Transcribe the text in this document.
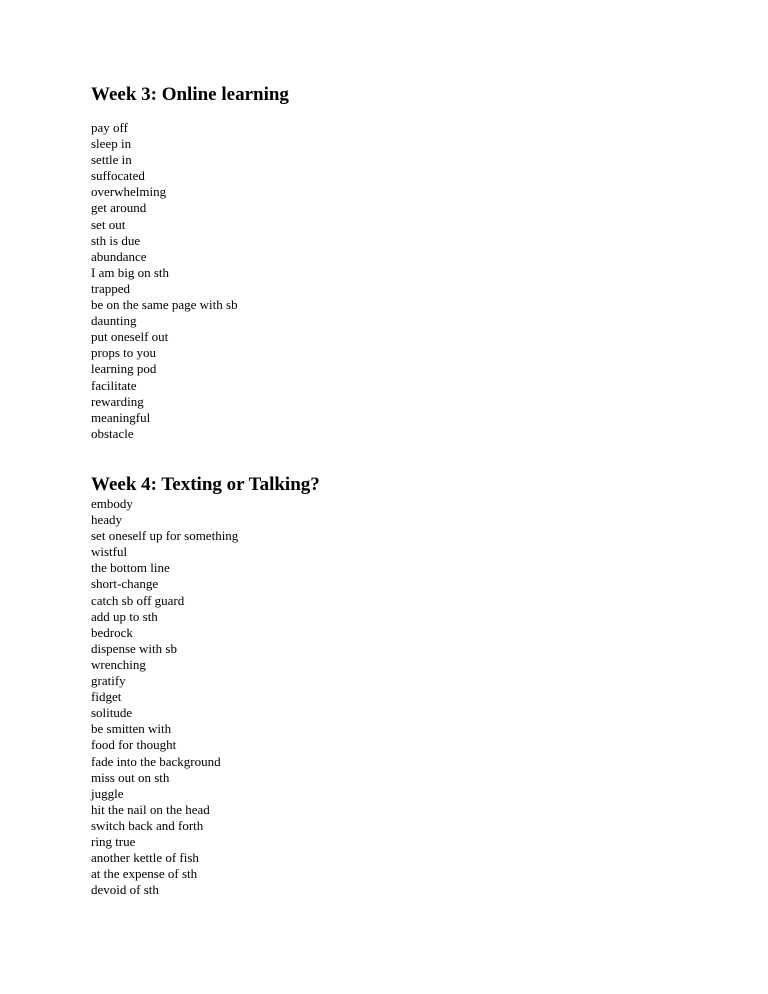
Week 3: Online learning
pay off
sleep in
settle in
suffocated
overwhelming
get around
set out
sth is due
abundance
I am big on sth
trapped
be on the same page with sb
daunting
put oneself out
props to you
learning pod
facilitate
rewarding
meaningful
obstacle
Week 4: Texting or Talking?
embody
heady
set oneself up for something
wistful
the bottom line
short-change
catch sb off guard
add up to sth
bedrock
dispense with sb
wrenching
gratify
fidget
solitude
be smitten with
food for thought
fade into the background
miss out on sth
juggle
hit the nail on the head
switch back and forth
ring true
another kettle of fish
at the expense of sth
devoid of sth
